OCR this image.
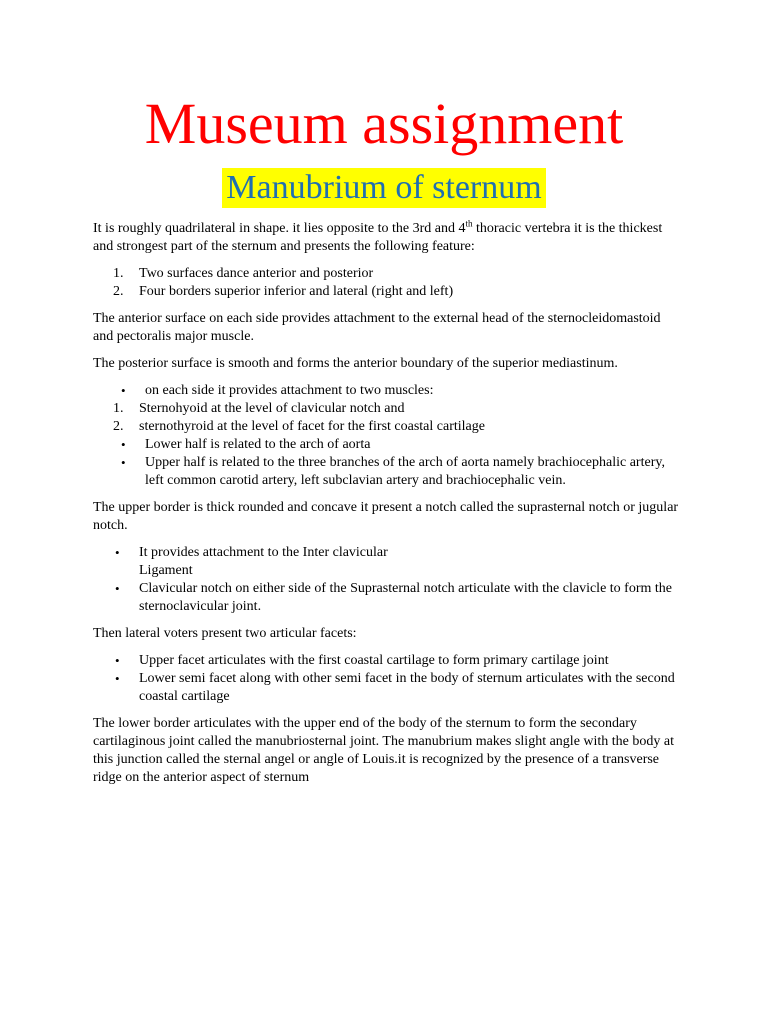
Museum assignment
Manubrium of sternum

It is roughly quadrilateral in shape. it lies opposite to the 3rd and 4th thoracic vertebra it is the thickest and strongest part of the sternum and presents the following feature:

1. Two surfaces dance anterior and posterior
2. Four borders superior inferior and lateral (right and left)

The anterior surface on each side provides attachment to the external head of the sternocleidomastoid and pectoralis major muscle.

The posterior surface is smooth and forms the anterior boundary of the superior mediastinum.

• on each side it provides attachment to two muscles:
1. Sternohyoid at the level of clavicular notch and
2. sternothyroid at the level of facet for the first coastal cartilage
• Lower half is related to the arch of aorta
• Upper half is related to the three branches of the arch of aorta namely brachiocephalic artery, left common carotid artery, left subclavian artery and brachiocephalic vein.

The upper border is thick rounded and concave it present a notch called the suprasternal notch or jugular notch.

• It provides attachment to the Inter clavicular
Ligament
• Clavicular notch on either side of the Suprasternal notch articulate with the clavicle to form the sternoclavicular joint.

Then lateral voters present two articular facets:

• Upper facet articulates with the first coastal cartilage to form primary cartilage joint
• Lower semi facet along with other semi facet in the body of sternum articulates with the second coastal cartilage

The lower border articulates with the upper end of the body of the sternum to form the secondary cartilaginous joint called the manubriosternal joint. The manubrium makes slight angle with the body at this junction called the sternal angel or angle of Louis.it is recognized by the presence of a transverse ridge on the anterior aspect of sternum
